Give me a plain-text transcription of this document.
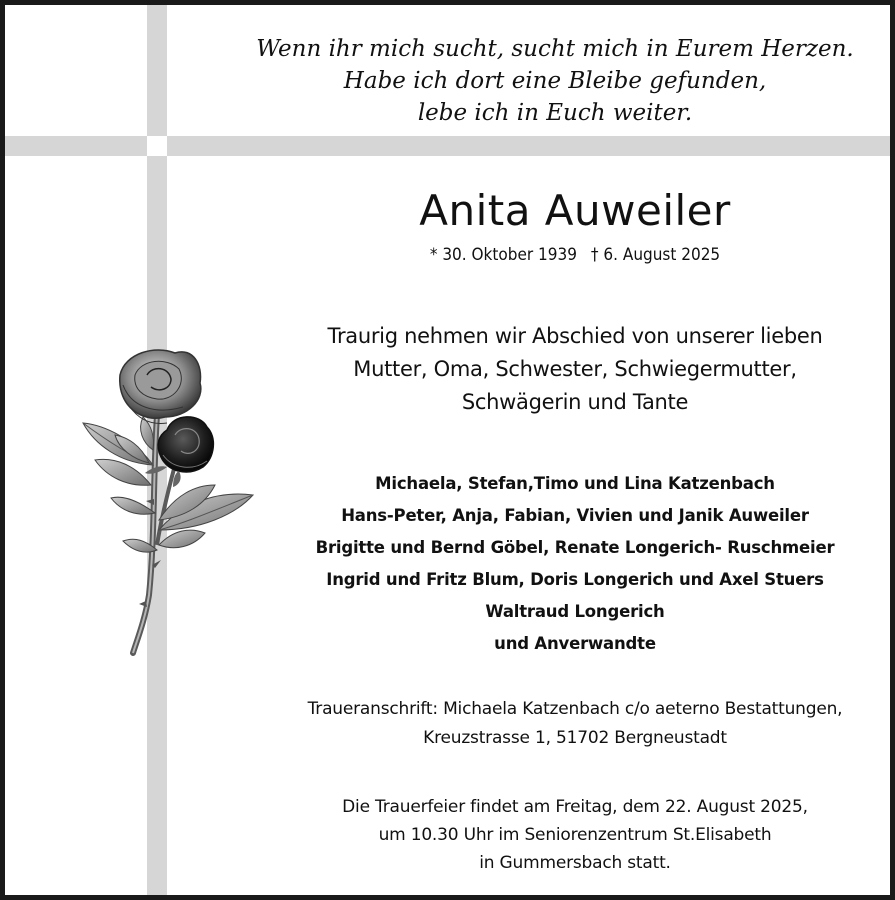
Wenn ihr mich sucht, sucht mich in Eurem Herzen.
Habe ich dort eine Bleibe gefunden,
lebe ich in Euch weiter.
Anita Auweiler
* 30. Oktober 1939 † 6. August 2025
Traurig nehmen wir Abschied von unserer lieben
Mutter, Oma, Schwester, Schwiegermutter,
Schwägerin und Tante
Michaela, Stefan,Timo und Lina Katzenbach
Hans-Peter, Anja, Fabian, Vivien und Janik Auweiler
Brigitte und Bernd Göbel, Renate Longerich- Ruschmeier
Ingrid und Fritz Blum, Doris Longerich und Axel Stuers
Waltraud Longerich
und Anverwandte
Traueranschrift: Michaela Katzenbach c/o aeterno Bestattungen,
Kreuzstrasse 1, 51702 Bergneustadt
Die Trauerfeier findet am Freitag, dem 22. August 2025,
um 10.30 Uhr im Seniorenzentrum St.Elisabeth
in Gummersbach statt.
